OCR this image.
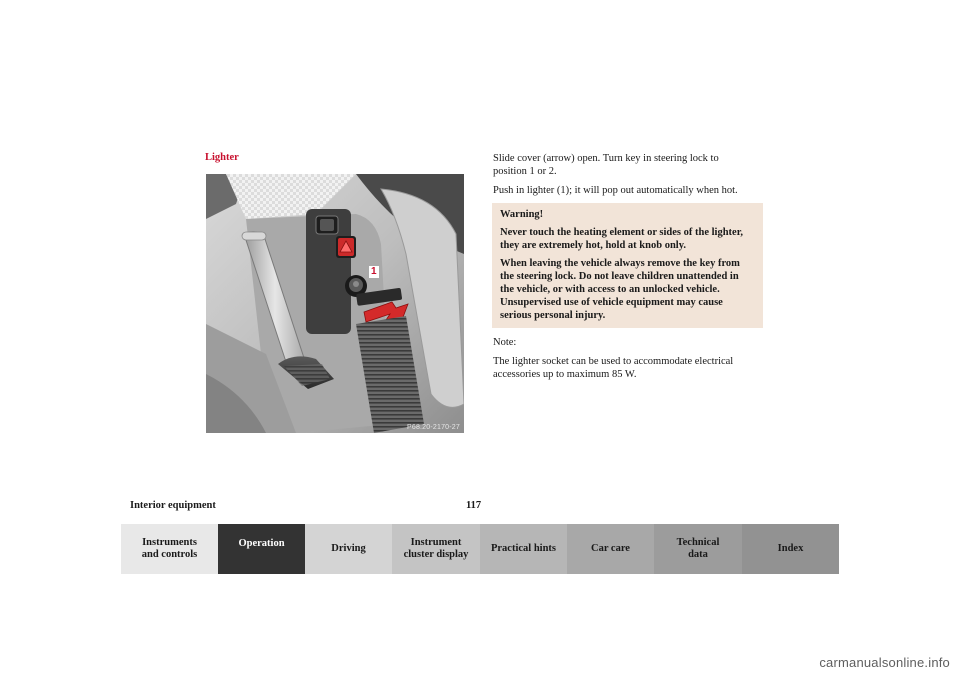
Lighter
1
P68.20-2170-27

Slide cover (arrow) open. Turn key in steering lock to position 1 or 2.

Push in lighter (1); it will pop out automatically when hot.

Warning!

Never touch the heating element or sides of the lighter, they are extremely hot, hold at knob only.

When leaving the vehicle always remove the key from the steering lock. Do not leave children unattended in the vehicle, or with access to an unlocked vehicle. Unsupervised use of vehicle equipment may cause serious personal injury.

Note:

The lighter socket can be used to accommodate electrical accessories up to maximum 85 W.

Interior equipment	117
Instruments
and controls
Operation	Driving
Instrument
cluster display
Practical hints	Car care
Technical
data
Index
carmanualsonline.info
